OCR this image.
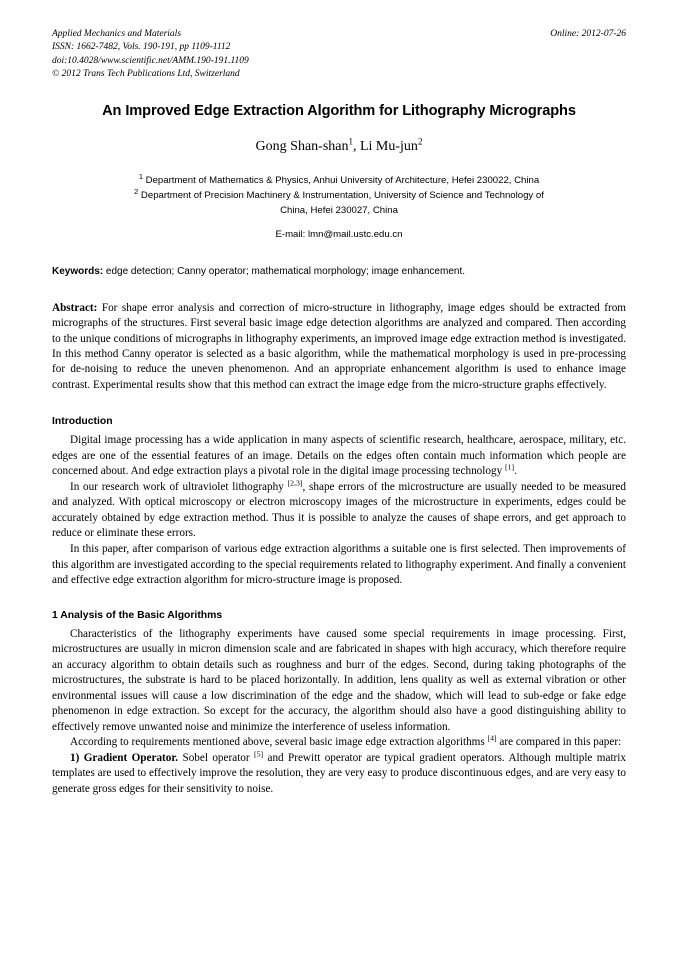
Applied Mechanics and Materials
ISSN: 1662-7482, Vols. 190-191, pp 1109-1112
doi:10.4028/www.scientific.net/AMM.190-191.1109
© 2012 Trans Tech Publications Ltd, Switzerland
Online: 2012-07-26
An Improved Edge Extraction Algorithm for Lithography Micrographs
Gong Shan-shan$^1$, Li Mu-jun$^2$
$^1$ Department of Mathematics & Physics, Anhui University of Architecture, Hefei 230022, China
$^2$ Department of Precision Machinery & Instrumentation, University of Science and Technology of
China, Hefei 230027, China
E-mail: lmn@mail.ustc.edu.cn
Keywords: edge detection; Canny operator; mathematical morphology; image enhancement.
Abstract: For shape error analysis and correction of micro-structure in lithography, image edges should be extracted from micrographs of the structures. First several basic image edge detection algorithms are analyzed and compared. Then according to the unique conditions of micrographs in lithography experiments, an improved image edge extraction method is investigated. In this method Canny operator is selected as a basic algorithm, while the mathematical morphology is used in pre-processing for de-noising to reduce the uneven phenomenon. And an appropriate enhancement algorithm is used to enhance image contrast. Experimental results show that this method can extract the image edge from the micro-structure graphs effectively.
Introduction

Digital image processing has a wide application in many aspects of scientific research, healthcare, aerospace, military, etc. edges are one of the essential features of an image. Details on the edges often contain much information which people are concerned about. And edge extraction plays a pivotal role in the digital image processing technology [1].

In our research work of ultraviolet lithography [2,3], shape errors of the microstructure are usually needed to be measured and analyzed. With optical microscopy or electron microscopy images of the microstructure in experiments, edges could be accurately obtained by edge extraction method. Thus it is possible to analyze the causes of shape errors, and get approach to reduce or eliminate these errors.

In this paper, after comparison of various edge extraction algorithms a suitable one is first selected. Then improvements of this algorithm are investigated according to the special requirements related to lithography experiment. And finally a convenient and effective edge extraction algorithm for micro-structure image is proposed.

1 Analysis of the Basic Algorithms

Characteristics of the lithography experiments have caused some special requirements in image processing. First, microstructures are usually in micron dimension scale and are fabricated in shapes with high accuracy, which therefore require an accuracy algorithm to obtain details such as roughness and burr of the edges. Second, during taking photographs of the microstructures, the substrate is hard to be placed horizontally. In addition, lens quality as well as external vibration or other environmental issues will cause a low discrimination of the edge and the shadow, which will lead to sub-edge or fake edge phenomenon in edge extraction. So except for the accuracy, the algorithm should also have a good distinguishing ability to effectively remove unwanted noise and minimize the interference of useless information.

According to requirements mentioned above, several basic image edge extraction algorithms [4] are compared in this paper:

1) Gradient Operator. Sobel operator [5] and Prewitt operator are typical gradient operators. Although multiple matrix templates are used to effectively improve the resolution, they are very easy to produce discontinuous edges, and are very easy to generate gross edges for their sensitivity to noise.
